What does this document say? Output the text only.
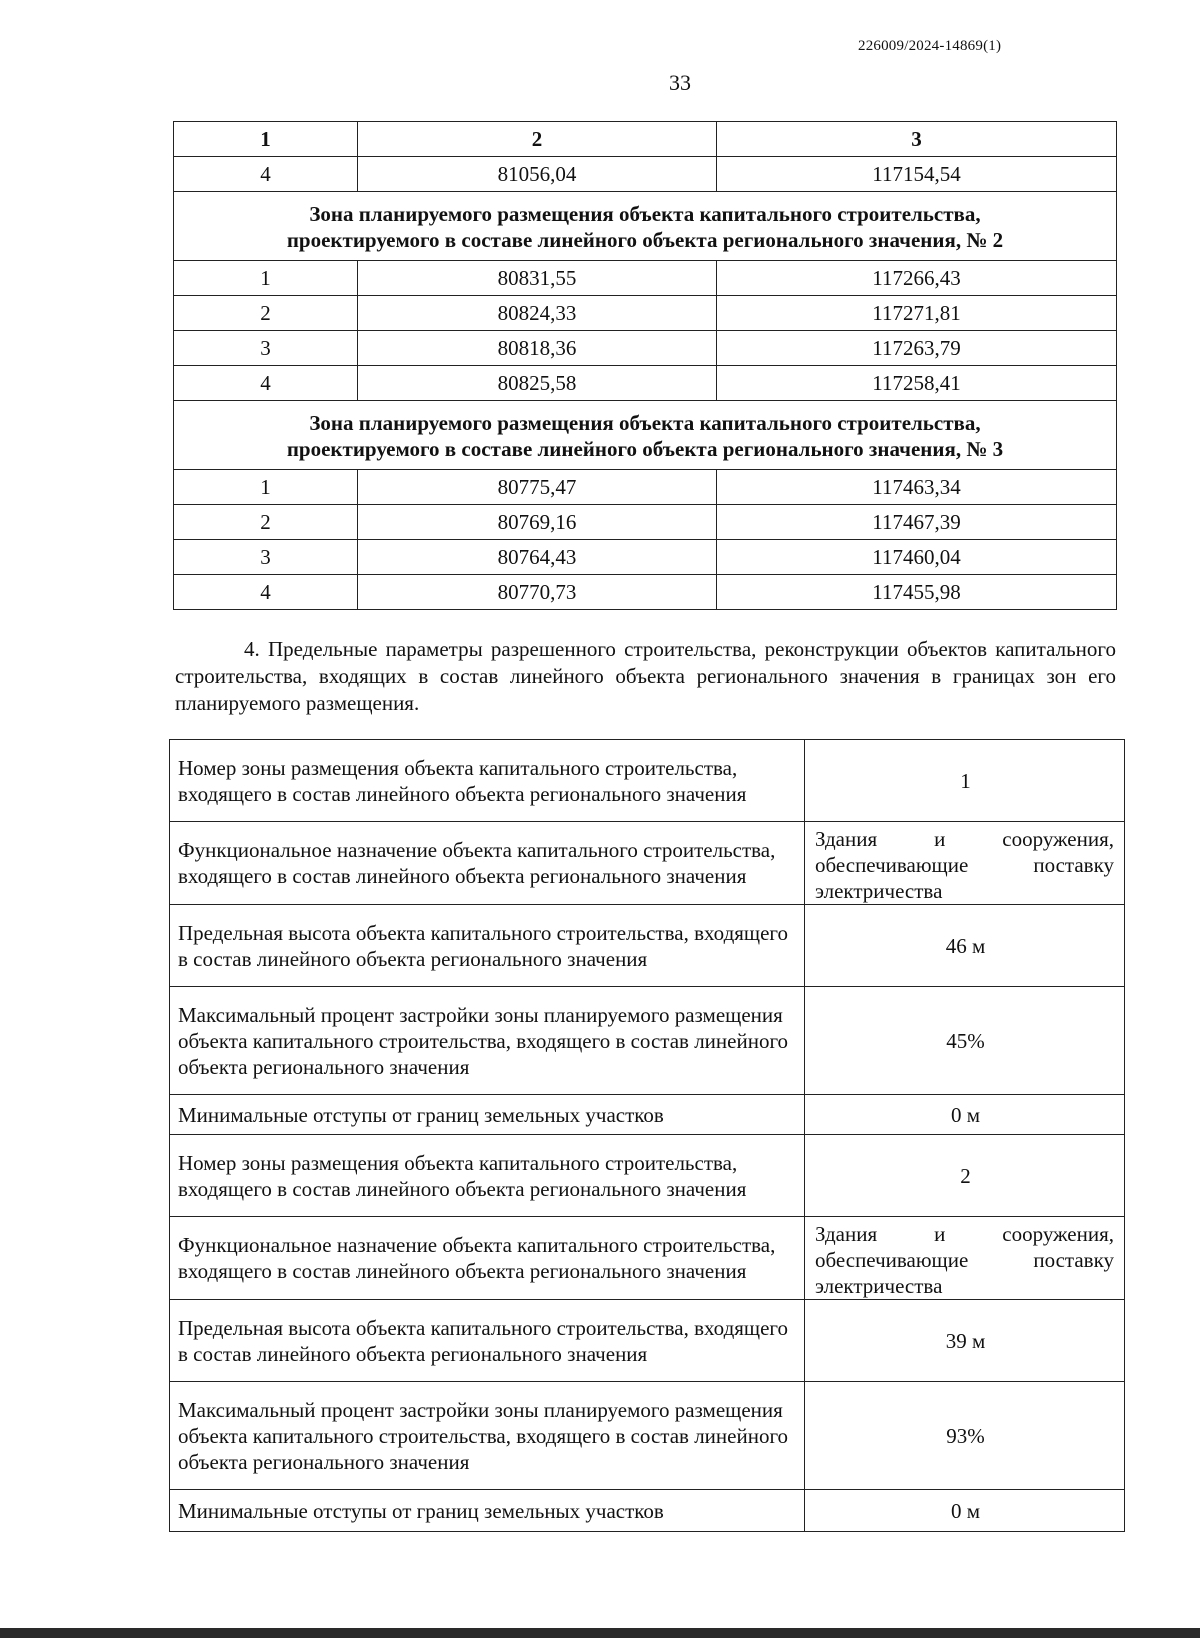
226009/2024-14869(1)
33
1	2	3
4	81056,04	117154,54

Зона планируемого размещения объекта капитального строительства,
проектируемого в составе линейного объекта регионального значения, № 2		

1	80831,55	117266,43
2	80824,33	117271,81
3	80818,36	117263,79
4	80825,58	117258,41

Зона планируемого размещения объекта капитального строительства,
проектируемого в составе линейного объекта регионального значения, № 3		

1	80775,47	117463,34
2	80769,16	117467,39
3	80764,43	117460,04
4	80770,73	117455,98
4. Предельные параметры разрешенного строительства, реконструкции объектов капитального строительства, входящих в состав линейного объекта регионального значения в границах зон его планируемого размещения.
Номер зоны размещения объекта капитального строительства, входящего в состав линейного объекта регионального значения	1
Функциональное назначение объекта капитального строительства, входящего в состав линейного объекта регионального значения	Здания и сооружения, обеспечивающие поставку электричества
Предельная высота объекта капитального строительства, входящего в состав линейного объекта регионального значения	46 м
Максимальный процент застройки зоны планируемого размещения объекта капитального строительства, входящего в состав линейного объекта регионального значения	45%
Минимальные отступы от границ земельных участков	0 м
Номер зоны размещения объекта капитального строительства, входящего в состав линейного объекта регионального значения	2
Функциональное назначение объекта капитального строительства, входящего в состав линейного объекта регионального значения	Здания и сооружения, обеспечивающие поставку электричества
Предельная высота объекта капитального строительства, входящего в состав линейного объекта регионального значения	39 м
Максимальный процент застройки зоны планируемого размещения объекта капитального строительства, входящего в состав линейного объекта регионального значения	93%
Минимальные отступы от границ земельных участков	0 м
